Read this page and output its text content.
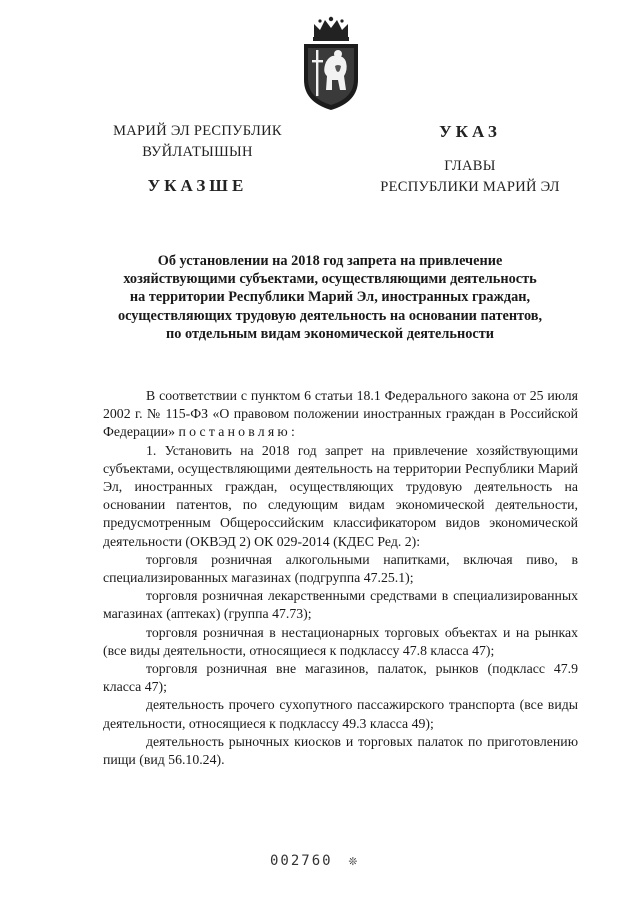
МАРИЙ ЭЛ РЕСПУБЛИК
ВУЙЛАТЫШЫН
УКАЗШЕ
УКАЗ
ГЛАВЫ
РЕСПУБЛИКИ МАРИЙ ЭЛ
Об установлении на 2018 год запрета на привлечение
хозяйствующими субъектами, осуществляющими деятельность
на территории Республики Марий Эл, иностранных граждан,
осуществляющих трудовую деятельность на основании патентов,
по отдельным видам экономической деятельности

В соответствии с пунктом 6 статьи 18.1 Федерального закона от 25 июля 2002 г. № 115-ФЗ «О правовом положении иностранных граждан в Российской Федерации» постановляю:

1. Установить на 2018 год запрет на привлечение хозяйствующими субъектами, осуществляющими деятельность на территории Республики Марий Эл, иностранных граждан, осуществляющих трудовую деятельность на основании патентов, по следующим видам экономической деятельности, предусмотренным Общероссийским классификатором видов экономической деятельности (ОКВЭД 2) ОК 029-2014 (КДЕС Ред. 2):

торговля розничная алкогольными напитками, включая пиво, в специализированных магазинах (подгруппа 47.25.1);

торговля розничная лекарственными средствами в специализированных магазинах (аптеках) (группа 47.73);

торговля розничная в нестационарных торговых объектах и на рынках (все виды деятельности, относящиеся к подклассу 47.8 класса 47);

торговля розничная вне магазинов, палаток, рынков (подкласс 47.9 класса 47);

деятельность прочего сухопутного пассажирского транспорта (все виды деятельности, относящиеся к подклассу 49.3 класса 49);

деятельность рыночных киосков и торговых палаток по приготовлению пищи (вид 56.10.24).

002760 ❊
